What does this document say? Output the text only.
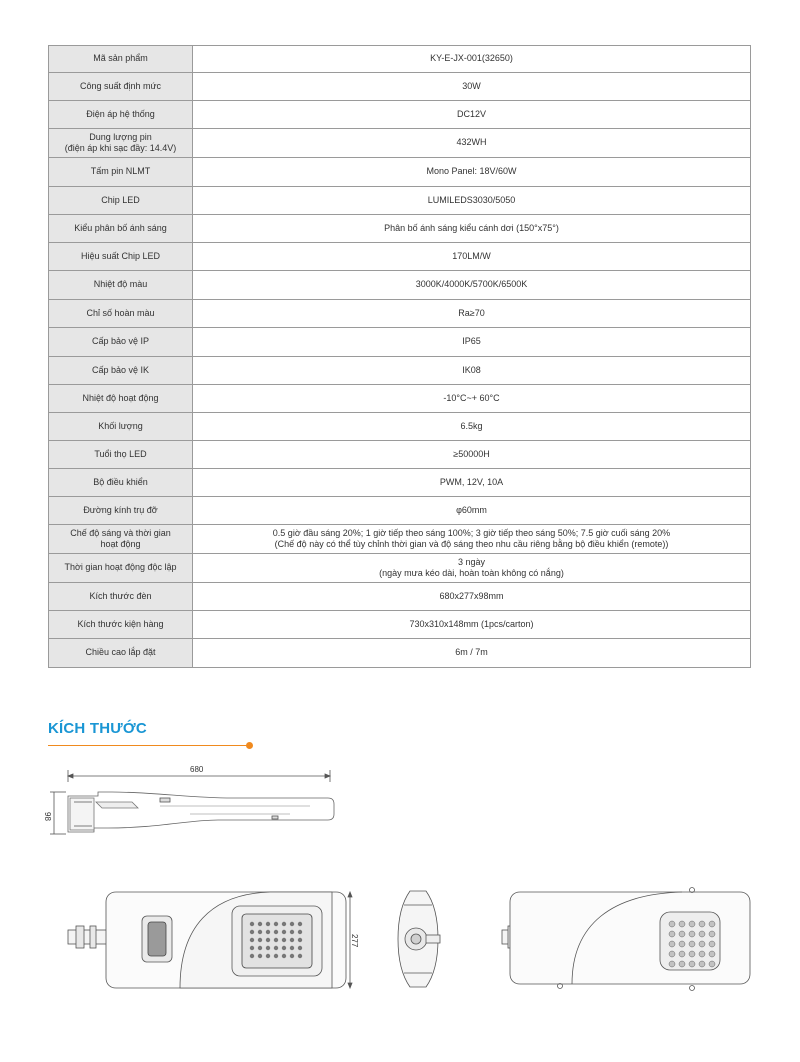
Mã sản phẩm	KY-E-JX-001(32650)
Công suất định mức	30W
Điện áp hệ thống	DC12V
Dung lượng pin
(điện áp khi sạc đầy: 14.4V)	432WH
Tấm pin NLMT	Mono Panel: 18V/60W
Chip LED	LUMILEDS3030/5050
Kiểu phân bố ánh sáng	Phân bố ánh sáng kiểu cánh dơi (150°x75°)
Hiệu suất Chip LED	170LM/W
Nhiệt độ màu	3000K/4000K/5700K/6500K
Chỉ số hoàn màu	Ra≥70
Cấp bảo vệ IP	IP65
Cấp bảo vệ IK	IK08
Nhiệt độ hoạt động	-10°C~+ 60°C
Khối lượng	6.5kg
Tuổi thọ LED	≥50000H
Bộ điều khiển	PWM, 12V, 10A
Đường kính trụ đỡ	φ60mm
Chế độ sáng và thời gian
hoạt động	0.5 giờ đầu sáng 20%; 1 giờ tiếp theo sáng 100%; 3 giờ tiếp theo sáng 50%; 7.5 giờ cuối sáng 20%
(Chế độ này có thể tùy chỉnh thời gian và độ sáng theo nhu cầu riêng bằng bộ điều khiển (remote))
Thời gian hoạt động độc lập	3 ngày
(ngày mưa kéo dài, hoàn toàn không có nắng)
Kích thước đèn	680x277x98mm
Kích thước kiện hàng	730x310x148mm (1pcs/carton)
Chiều cao lắp đặt	6m / 7m
KÍCH THƯỚC
680
98
277
